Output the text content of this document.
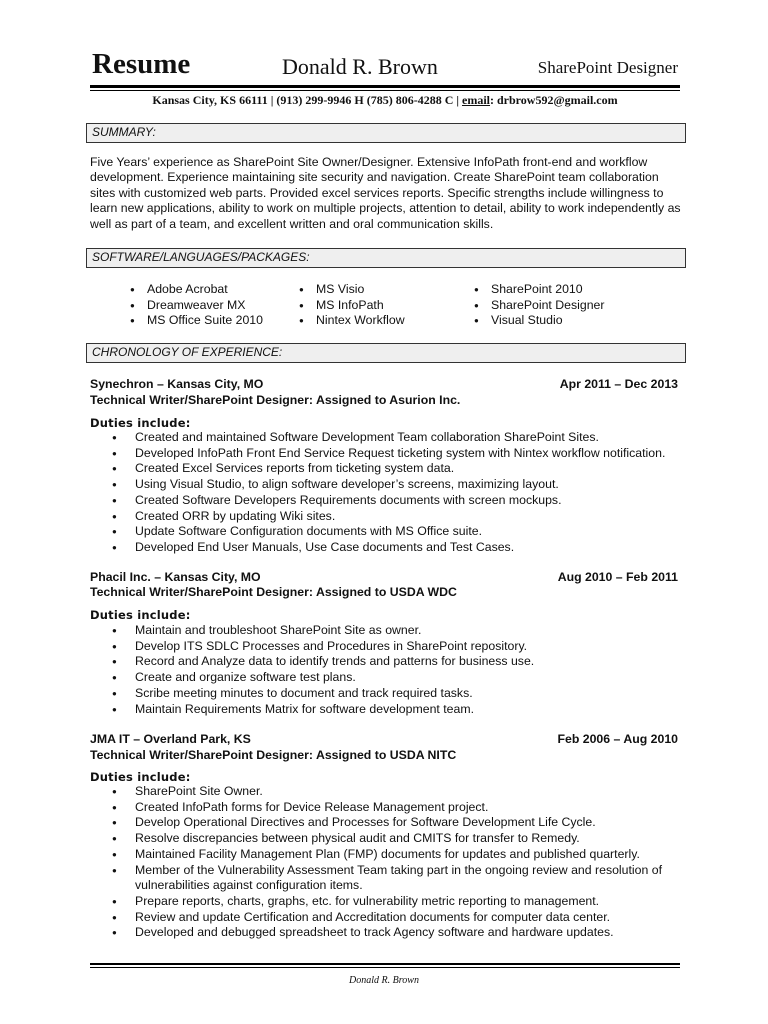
Resume	Donald R. Brown	SharePoint Designer
Kansas City, KS 66111 | (913) 299-9946 H (785) 806-4288 C | email: drbrow592@gmail.com
SUMMARY:
Five Years’ experience as SharePoint Site Owner/Designer. Extensive InfoPath front-end and workflow development. Experience maintaining site security and navigation. Create SharePoint team collaboration sites with customized web parts. Provided excel services reports. Specific strengths include willingness to learn new applications, ability to work on multiple projects, attention to detail, ability to work independently as well as part of a team, and excellent written and oral communication skills.
SOFTWARE/LANGUAGES/PACKAGES:
● Adobe Acrobat
● Dreamweaver MX
● MS Office Suite 2010
● MS Visio
● MS InfoPath
● Nintex Workflow
● SharePoint 2010
● SharePoint Designer
● Visual Studio
CHRONOLOGY OF EXPERIENCE:
Synechron – Kansas City, MO	Apr 2011 – Dec 2013
Technical Writer/SharePoint Designer: Assigned to Asurion Inc.
Duties include:
● Created and maintained Software Development Team collaboration SharePoint Sites.
● Developed InfoPath Front End Service Request ticketing system with Nintex workflow notification.
● Created Excel Services reports from ticketing system data.
● Using Visual Studio, to align software developer’s screens, maximizing layout.
● Created Software Developers Requirements documents with screen mockups.
● Created ORR by updating Wiki sites.
● Update Software Configuration documents with MS Office suite.
● Developed End User Manuals, Use Case documents and Test Cases.
Phacil Inc. – Kansas City, MO	Aug 2010 – Feb 2011
Technical Writer/SharePoint Designer: Assigned to USDA WDC
Duties include:
● Maintain and troubleshoot SharePoint Site as owner.
● Develop ITS SDLC Processes and Procedures in SharePoint repository.
● Record and Analyze data to identify trends and patterns for business use.
● Create and organize software test plans.
● Scribe meeting minutes to document and track required tasks.
● Maintain Requirements Matrix for software development team.
JMA IT – Overland Park, KS	Feb 2006 – Aug 2010
Technical Writer/SharePoint Designer: Assigned to USDA NITC
Duties include:
● SharePoint Site Owner.
● Created InfoPath forms for Device Release Management project.
● Develop Operational Directives and Processes for Software Development Life Cycle.
● Resolve discrepancies between physical audit and CMITS for transfer to Remedy.
● Maintained Facility Management Plan (FMP) documents for updates and published quarterly.
● Member of the Vulnerability Assessment Team taking part in the ongoing review and resolution of vulnerabilities against configuration items.
● Prepare reports, charts, graphs, etc. for vulnerability metric reporting to management.
● Review and update Certification and Accreditation documents for computer data center.
● Developed and debugged spreadsheet to track Agency software and hardware updates.
Donald R. Brown
